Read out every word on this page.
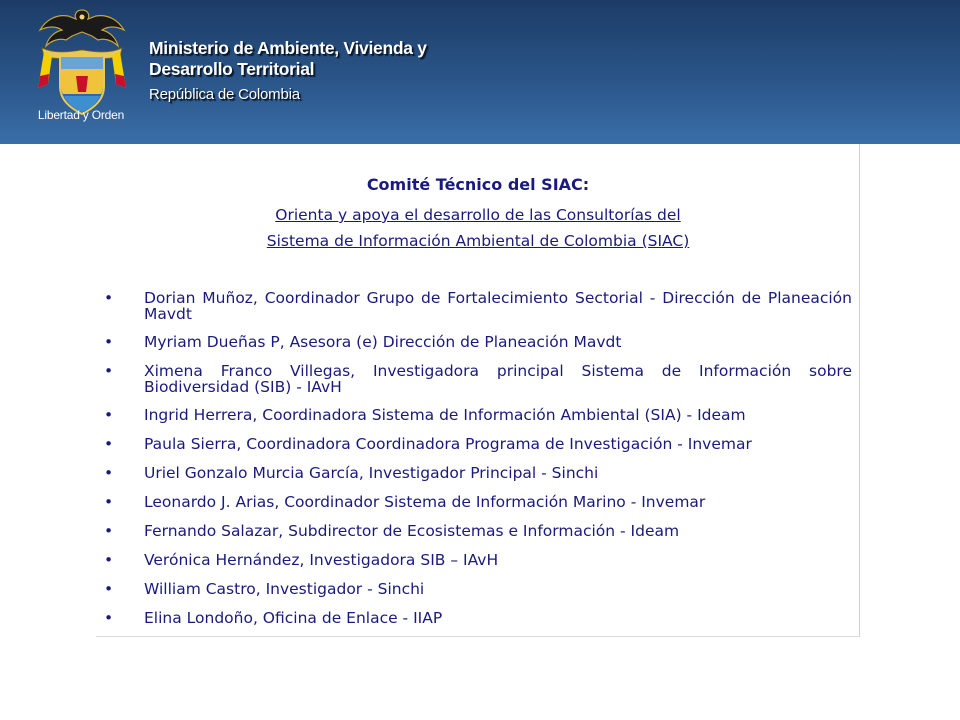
Libertad y Orden
Ministerio de Ambiente, Vivienda y
Desarrollo Territorial
República de Colombia
Comité Técnico del SIAC:
Orienta y apoya el desarrollo de las Consultorías del
Sistema de Información Ambiental de Colombia (SIAC)
• Dorian Muñoz, Coordinador Grupo de Fortalecimiento Sectorial - Dirección de Planeación Mavdt
• Myriam Dueñas P, Asesora (e) Dirección de Planeación Mavdt
• Ximena Franco Villegas, Investigadora principal Sistema de Información sobre Biodiversidad (SIB) - IAvH
• Ingrid Herrera, Coordinadora Sistema de Información Ambiental (SIA) - Ideam
• Paula Sierra, Coordinadora Coordinadora Programa de Investigación - Invemar
• Uriel Gonzalo Murcia García, Investigador Principal - Sinchi
• Leonardo J. Arias, Coordinador Sistema de Información Marino - Invemar
• Fernando Salazar, Subdirector de Ecosistemas e Información - Ideam
• Verónica Hernández, Investigadora SIB – IAvH
• William Castro, Investigador - Sinchi
• Elina Londoño, Oficina de Enlace - IIAP
